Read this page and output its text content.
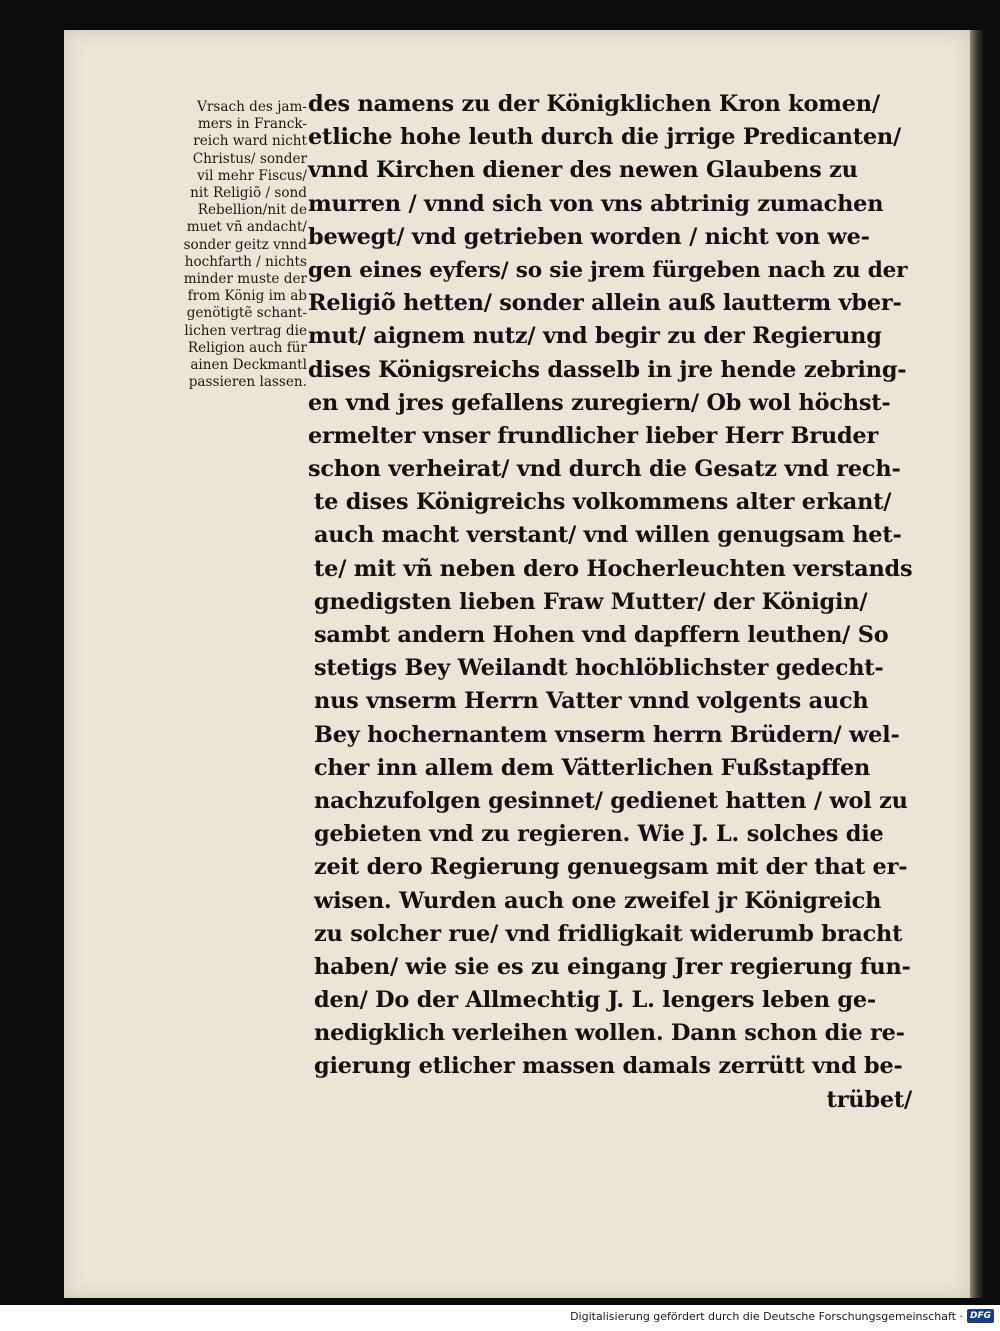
Vrsach des jam-
mers in Franck-
reich ward nicht
Christus/ sonder
vil mehr Fiscus/
nit Religiõ / sond
Rebellion/nit de
muet vñ andacht/
sonder geitz vnnd
hochfarth / nichts
minder muste der
from König im ab
genötigtẽ schant-
lichen vertrag die
Religion auch für
ainen Deckmantl
passieren lassen.
des namens zu der Königklichen Kron komen/
etliche hohe leuth durch die jrrige Predicanten/
vnnd Kirchen diener des newen Glaubens zu
murren / vnnd sich von vns abtrinig zumachen
bewegt/ vnd getrieben worden / nicht von we-
gen eines eyfers/ so sie jrem fürgeben nach zu der
Religiõ hetten/ sonder allein auß lautterm vber-
mut/ aignem nutz/ vnd begir zu der Regierung
dises Königsreichs dasselb in jre hende zebring-
en vnd jres gefallens zuregiern/ Ob wol höchst-
ermelter vnser frundlicher lieber Herr Bruder
schon verheirat/ vnd durch die Gesatz vnd rech-
te dises Königreichs volkommens alter erkant/
auch macht verstant/ vnd willen genugsam het-
te/ mit vñ neben dero Hocherleuchten verstands
gnedigsten lieben Fraw Mutter/ der Königin/
sambt andern Hohen vnd dapffern leuthen/ So
stetigs Bey Weilandt hochlöblichster gedecht-
nus vnserm Herrn Vatter vnnd volgents auch
Bey hochernantem vnserm herrn Brüdern/ wel-
cher inn allem dem Vätterlichen Fußstapffen
nachzufolgen gesinnet/ gedienet hatten / wol zu
gebieten vnd zu regieren. Wie J. L. solches die
zeit dero Regierung genuegsam mit der that er-
wisen. Wurden auch one zweifel jr Königreich
zu solcher rue/ vnd fridligkait widerumb bracht
haben/ wie sie es zu eingang Jrer regierung fun-
den/ Do der Allmechtig J. L. lengers leben ge-
nedigklich verleihen wollen. Dann schon die re-
gierung etlicher massen damals zerrütt vnd be-
trübet/
Digitalisierung gefördert durch die Deutsche Forschungsgemeinschaft · DFG
